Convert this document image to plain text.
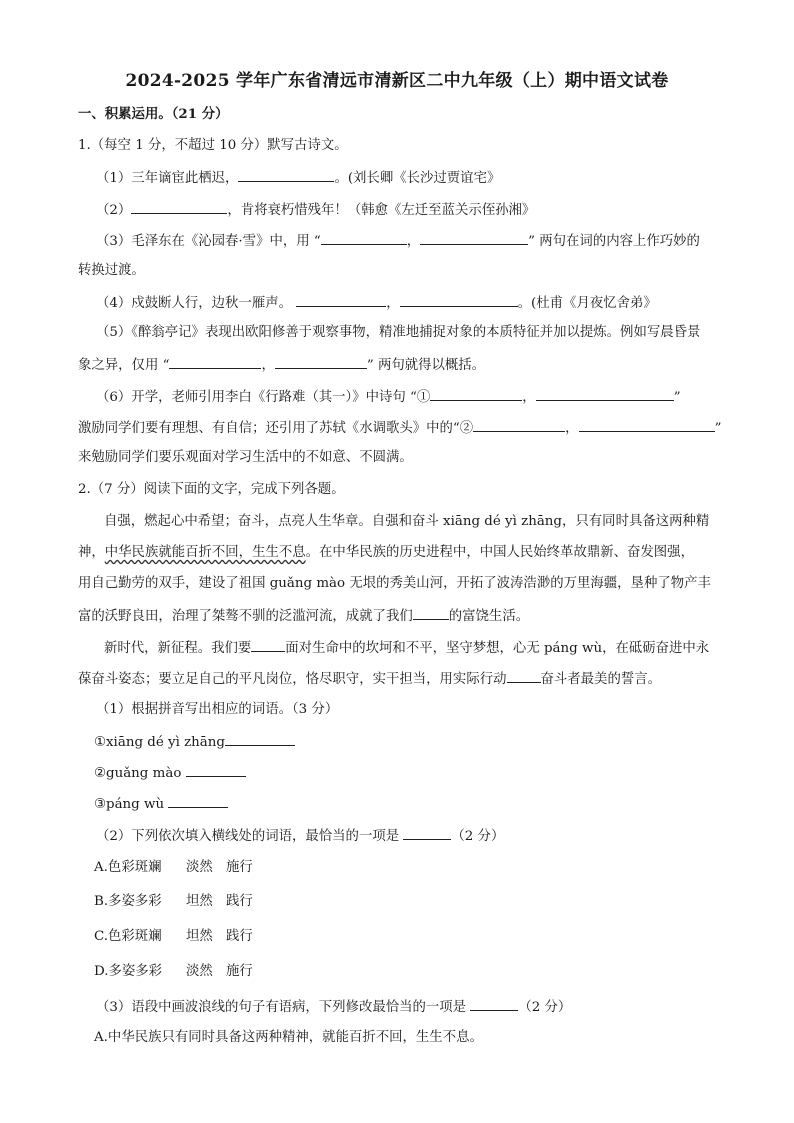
2024-2025 学年广东省清远市清新区二中九年级（上）期中语文试卷
一、积累运用。（21 分）
1.（每空 1 分，不超过 10 分）默写古诗文。
（1）三年谪宦此栖迟，	。(刘长卿《长沙过贾谊宅》
（2）	，肯将衰朽惜残年！（韩愈《左迁至蓝关示侄孙湘》
（3）毛泽东在《沁园春·雪》中，用 “	，	” 两句在词的内容上作巧妙的
转换过渡。
（4）戍鼓断人行，边秋一雁声。	，	。(杜甫《月夜忆舍弟》
（5）《醉翁亭记》表现出欧阳修善于观察事物，精准地捕捉对象的本质特征并加以提炼。例如写晨昏景
象之异，仅用 “	，	” 两句就得以概括。
（6）开学，老师引用李白《行路难（其一）》中诗句 “①	，	”
激励同学们要有理想、有自信；还引用了苏轼《水调歌头》中的“②	，	”
来勉励同学们要乐观面对学习生活中的不如意、不圆满。
2.（7 分）阅读下面的文字，完成下列各题。
自强，燃起心中希望；奋斗，点亮人生华章。自强和奋斗 xiāng dé yì zhāng，只有同时具备这两种精
神，中华民族就能百折不回，生生不息。在中华民族的历史进程中，中国人民始终革故鼎新、奋发图强，
用自己勤劳的双手，建设了祖国 guǎng mào 无垠的秀美山河，开拓了波涛浩渺的万里海疆，垦种了物产丰
富的沃野良田，治理了桀骜不驯的泛滥河流，成就了我们	的富饶生活。
新时代，新征程。我们要	面对生命中的坎坷和不平，坚守梦想，心无 páng wù，在砥砺奋进中永
葆奋斗姿态；要立足自己的平凡岗位，恪尽职守，实干担当，用实际行动	奋斗者最美的誓言。
（1）根据拼音写出相应的词语。（3 分）
①xiāng dé yì zhāng
②guǎng mào
③páng wù
（2）下列依次填入横线处的词语，最恰当的一项是	（2 分）
A.色彩斑斓 淡然 施行
B.多姿多彩 坦然 践行
C.色彩斑斓 坦然 践行
D.多姿多彩 淡然 施行
（3）语段中画波浪线的句子有语病，下列修改最恰当的一项是	（2 分）
A.中华民族只有同时具备这两种精神，就能百折不回，生生不息。
